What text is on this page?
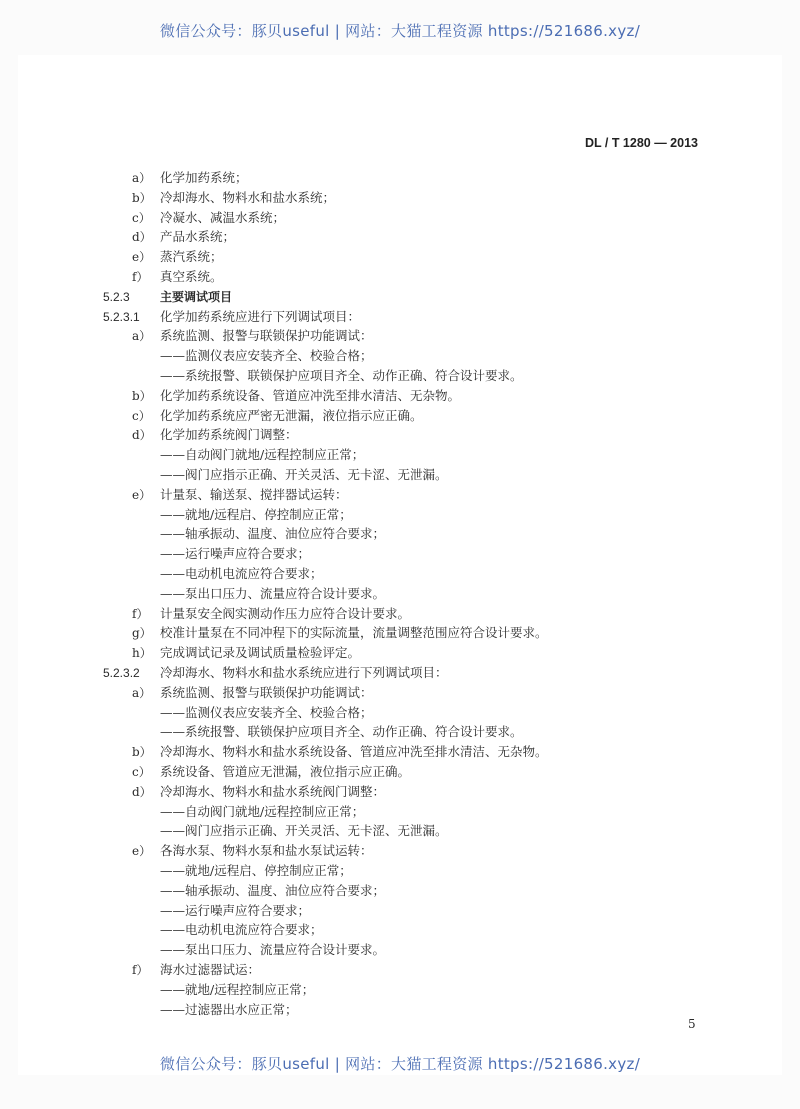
微信公众号：豚贝useful | 网站：大猫工程资源 https://521686.xyz/
DL / T 1280 — 2013
a） 化学加药系统；
b） 冷却海水、物料水和盐水系统；
c） 冷凝水、减温水系统；
d） 产品水系统；
e） 蒸汽系统；
f） 真空系统。
5.2.3	主要调试项目
5.2.3.1 化学加药系统应进行下列调试项目：
a） 系统监测、报警与联锁保护功能调试：
——监测仪表应安装齐全、校验合格；
——系统报警、联锁保护应项目齐全、动作正确、符合设计要求。
b） 化学加药系统设备、管道应冲洗至排水清洁、无杂物。
c） 化学加药系统应严密无泄漏，液位指示应正确。
d） 化学加药系统阀门调整：
——自动阀门就地/远程控制应正常；
——阀门应指示正确、开关灵活、无卡涩、无泄漏。
e） 计量泵、输送泵、搅拌器试运转：
——就地/远程启、停控制应正常；
——轴承振动、温度、油位应符合要求；
——运行噪声应符合要求；
——电动机电流应符合要求；
——泵出口压力、流量应符合设计要求。
f） 计量泵安全阀实测动作压力应符合设计要求。
g） 校准计量泵在不同冲程下的实际流量，流量调整范围应符合设计要求。
h） 完成调试记录及调试质量检验评定。
5.2.3.2 冷却海水、物料水和盐水系统应进行下列调试项目：
a） 系统监测、报警与联锁保护功能调试：
——监测仪表应安装齐全、校验合格；
——系统报警、联锁保护应项目齐全、动作正确、符合设计要求。
b） 冷却海水、物料水和盐水系统设备、管道应冲洗至排水清洁、无杂物。
c） 系统设备、管道应无泄漏，液位指示应正确。
d） 冷却海水、物料水和盐水系统阀门调整：
——自动阀门就地/远程控制应正常；
——阀门应指示正确、开关灵活、无卡涩、无泄漏。
e） 各海水泵、物料水泵和盐水泵试运转：
——就地/远程启、停控制应正常；
——轴承振动、温度、油位应符合要求；
——运行噪声应符合要求；
——电动机电流应符合要求；
——泵出口压力、流量应符合设计要求。
f） 海水过滤器试运：
——就地/远程控制应正常；
——过滤器出水应正常；
5
微信公众号：豚贝useful | 网站：大猫工程资源 https://521686.xyz/
